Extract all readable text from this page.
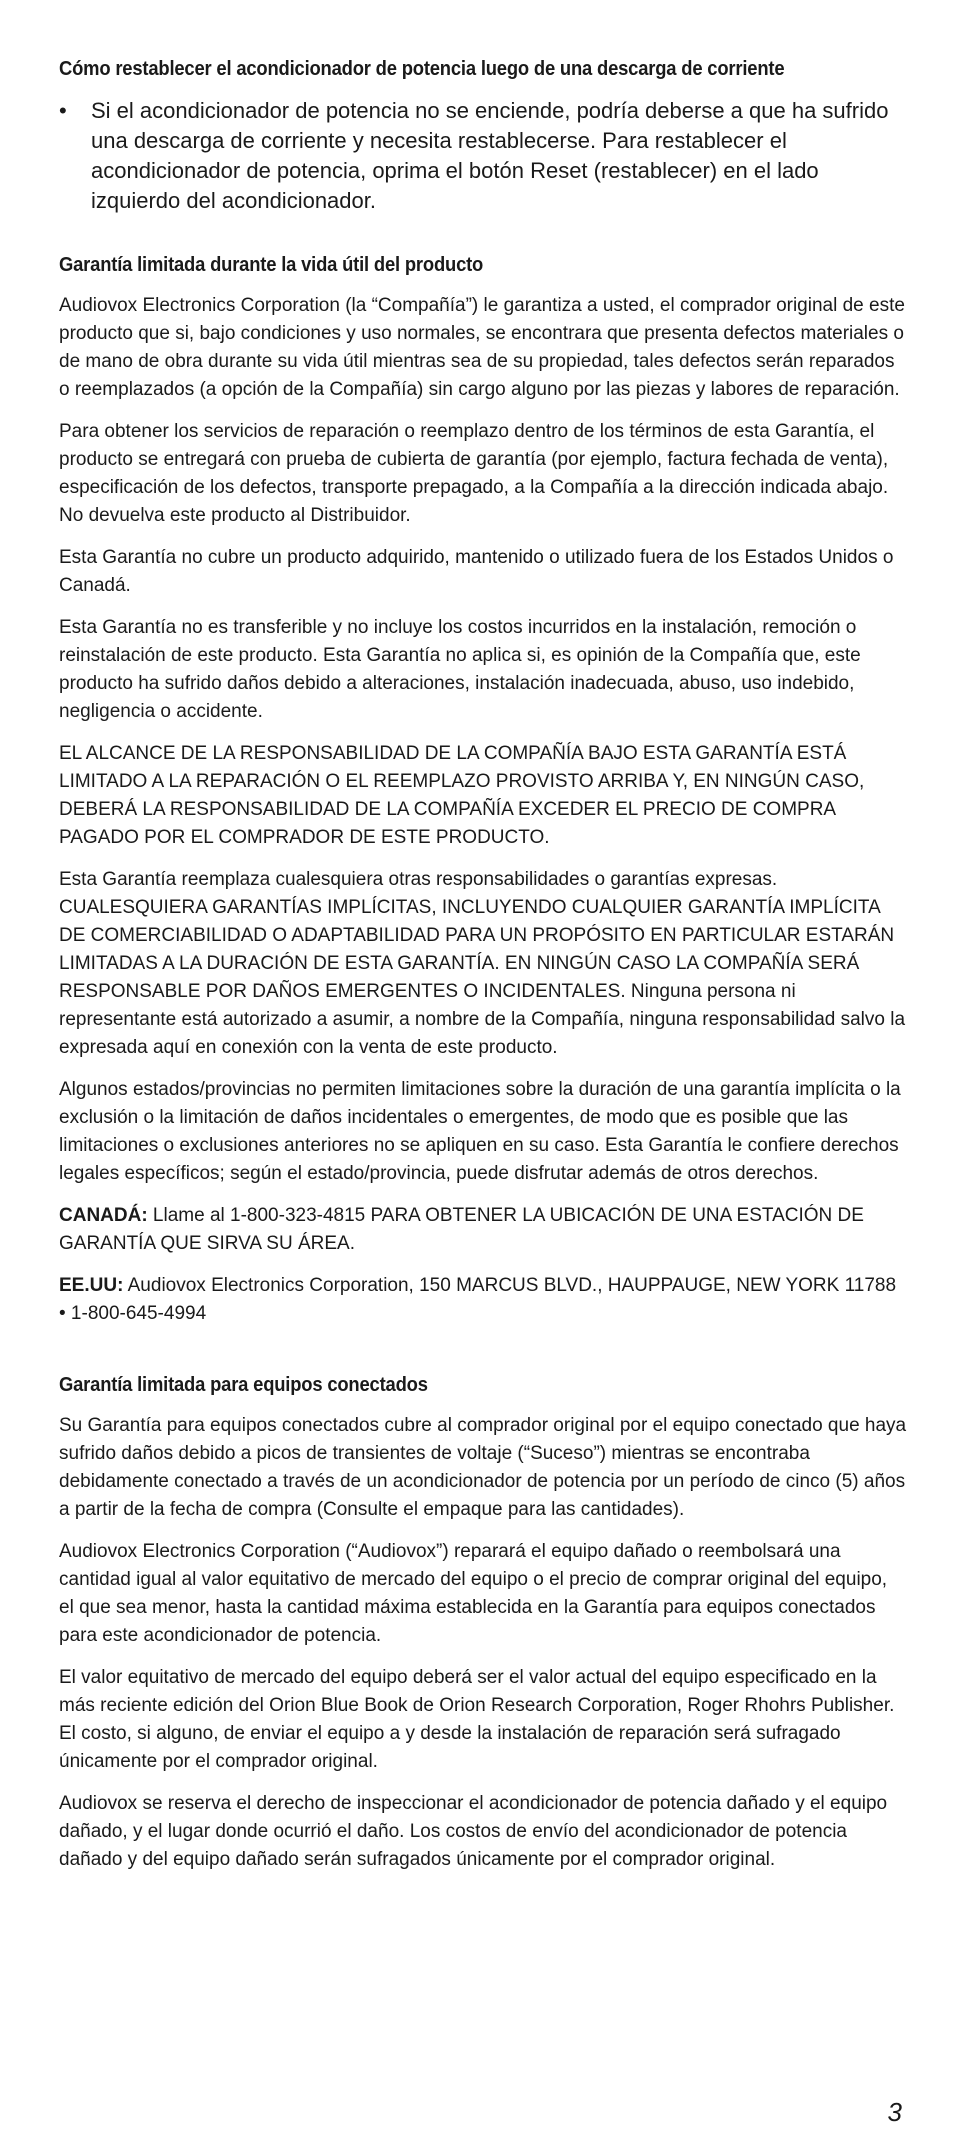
Cómo restablecer el acondicionador de potencia luego de una descarga de corriente
•	Si el acondicionador de potencia no se enciende, podría deberse a que ha sufrido una descarga de corriente y necesita restablecerse. Para restablecer el acondicionador de potencia, oprima el botón Reset (restablecer) en el lado izquierdo del acondicionador.
Garantía limitada durante la vida útil del producto

Audiovox Electronics Corporation (la “Compañía”) le garantiza a usted, el comprador original de este producto que si, bajo condiciones y uso normales, se encontrara que presenta defectos materiales o de mano de obra durante su vida útil mientras sea de su propiedad, tales defectos serán reparados o reemplazados (a opción de la Compañía) sin cargo alguno por las piezas y labores de reparación.

Para obtener los servicios de reparación o reemplazo dentro de los términos de esta Garantía, el producto se entregará con prueba de cubierta de garantía (por ejemplo, factura fechada de venta), especificación de los defectos, transporte prepagado, a la Compañía a la dirección indicada abajo. No devuelva este producto al Distribuidor.

Esta Garantía no cubre un producto adquirido, mantenido o utilizado fuera de los Estados Unidos o Canadá.

Esta Garantía no es transferible y no incluye los costos incurridos en la instalación, remoción o reinstalación de este producto. Esta Garantía no aplica si, es opinión de la Compañía que, este producto ha sufrido daños debido a alteraciones, instalación inadecuada, abuso, uso indebido, negligencia o accidente.

EL ALCANCE DE LA RESPONSABILIDAD DE LA COMPAÑÍA BAJO ESTA GARANTÍA ESTÁ LIMITADO A LA REPARACIÓN O EL REEMPLAZO PROVISTO ARRIBA Y, EN NINGÚN CASO, DEBERÁ LA RESPONSABILIDAD DE LA COMPAÑÍA EXCEDER EL PRECIO DE COMPRA PAGADO POR EL COMPRADOR DE ESTE PRODUCTO.

Esta Garantía reemplaza cualesquiera otras responsabilidades o garantías expresas. CUALESQUIERA GARANTÍAS IMPLÍCITAS, INCLUYENDO CUALQUIER GARANTÍA IMPLÍCITA DE COMERCIABILIDAD O ADAPTABILIDAD PARA UN PROPÓSITO EN PARTICULAR ESTARÁN LIMITADAS A LA DURACIÓN DE ESTA GARANTÍA. EN NINGÚN CASO LA COMPAÑÍA SERÁ RESPONSABLE POR DAÑOS EMERGENTES O INCIDENTALES. Ninguna persona ni representante está autorizado a asumir, a nombre de la Compañía, ninguna responsabilidad salvo la expresada aquí en conexión con la venta de este producto.

Algunos estados/provincias no permiten limitaciones sobre la duración de una garantía implícita o la exclusión o la limitación de daños incidentales o emergentes, de modo que es posible que las limitaciones o exclusiones anteriores no se apliquen en su caso. Esta Garantía le confiere derechos legales específicos; según el estado/provincia, puede disfrutar además de otros derechos.

CANADÁ: Llame al 1-800-323-4815 PARA OBTENER LA UBICACIÓN DE UNA ESTACIÓN DE GARANTÍA QUE SIRVA SU ÁREA.

EE.UU: Audiovox Electronics Corporation, 150 MARCUS BLVD., HAUPPAUGE, NEW YORK 11788 • 1-800-645-4994

Garantía limitada para equipos conectados

Su Garantía para equipos conectados cubre al comprador original por el equipo conectado que haya sufrido daños debido a picos de transientes de voltaje (“Suceso”) mientras se encontraba debidamente conectado a través de un acondicionador de potencia por un período de cinco (5) años a partir de la fecha de compra (Consulte el empaque para las cantidades).

Audiovox Electronics Corporation (“Audiovox”) reparará el equipo dañado o reembolsará una cantidad igual al valor equitativo de mercado del equipo o el precio de comprar original del equipo, el que sea menor, hasta la cantidad máxima establecida en la Garantía para equipos conectados para este acondicionador de potencia.

El valor equitativo de mercado del equipo deberá ser el valor actual del equipo especificado en la más reciente edición del Orion Blue Book de Orion Research Corporation, Roger Rhohrs Publisher. El costo, si alguno, de enviar el equipo a y desde la instalación de reparación será sufragado únicamente por el comprador original.

Audiovox se reserva el derecho de inspeccionar el acondicionador de potencia dañado y el equipo dañado, y el lugar donde ocurrió el daño. Los costos de envío del acondicionador de potencia dañado y del equipo dañado serán sufragados únicamente por el comprador original.

3
